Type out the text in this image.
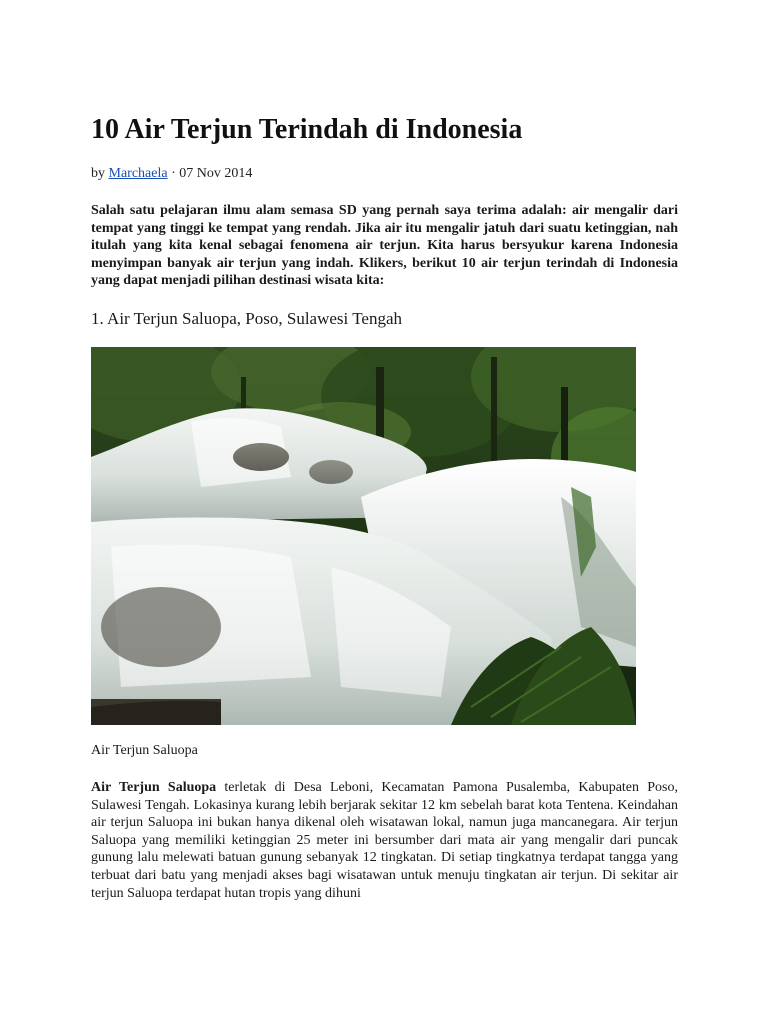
10 Air Terjun Terindah di Indonesia
by Marchaela · 07 Nov 2014

Salah satu pelajaran ilmu alam semasa SD yang pernah saya terima adalah: air mengalir dari tempat yang tinggi ke tempat yang rendah. Jika air itu mengalir jatuh dari suatu ketinggian, nah itulah yang kita kenal sebagai fenomena air terjun. Kita harus bersyukur karena Indonesia menyimpan banyak air terjun yang indah. Klikers, berikut 10 air terjun terindah di Indonesia yang dapat menjadi pilihan destinasi wisata kita:

1. Air Terjun Saluopa, Poso, Sulawesi Tengah
Air Terjun Saluopa

Air Terjun Saluopa terletak di Desa Leboni, Kecamatan Pamona Pusalemba, Kabupaten Poso, Sulawesi Tengah. Lokasinya kurang lebih berjarak sekitar 12 km sebelah barat kota Tentena. Keindahan air terjun Saluopa ini bukan hanya dikenal oleh wisatawan lokal, namun juga mancanegara. Air terjun Saluopa yang memiliki ketinggian 25 meter ini bersumber dari mata air yang mengalir dari puncak gunung lalu melewati batuan gunung sebanyak 12 tingkatan. Di setiap tingkatnya terdapat tangga yang terbuat dari batu yang menjadi akses bagi wisatawan untuk menuju tingkatan air terjun. Di sekitar air terjun Saluopa terdapat hutan tropis yang dihuni
